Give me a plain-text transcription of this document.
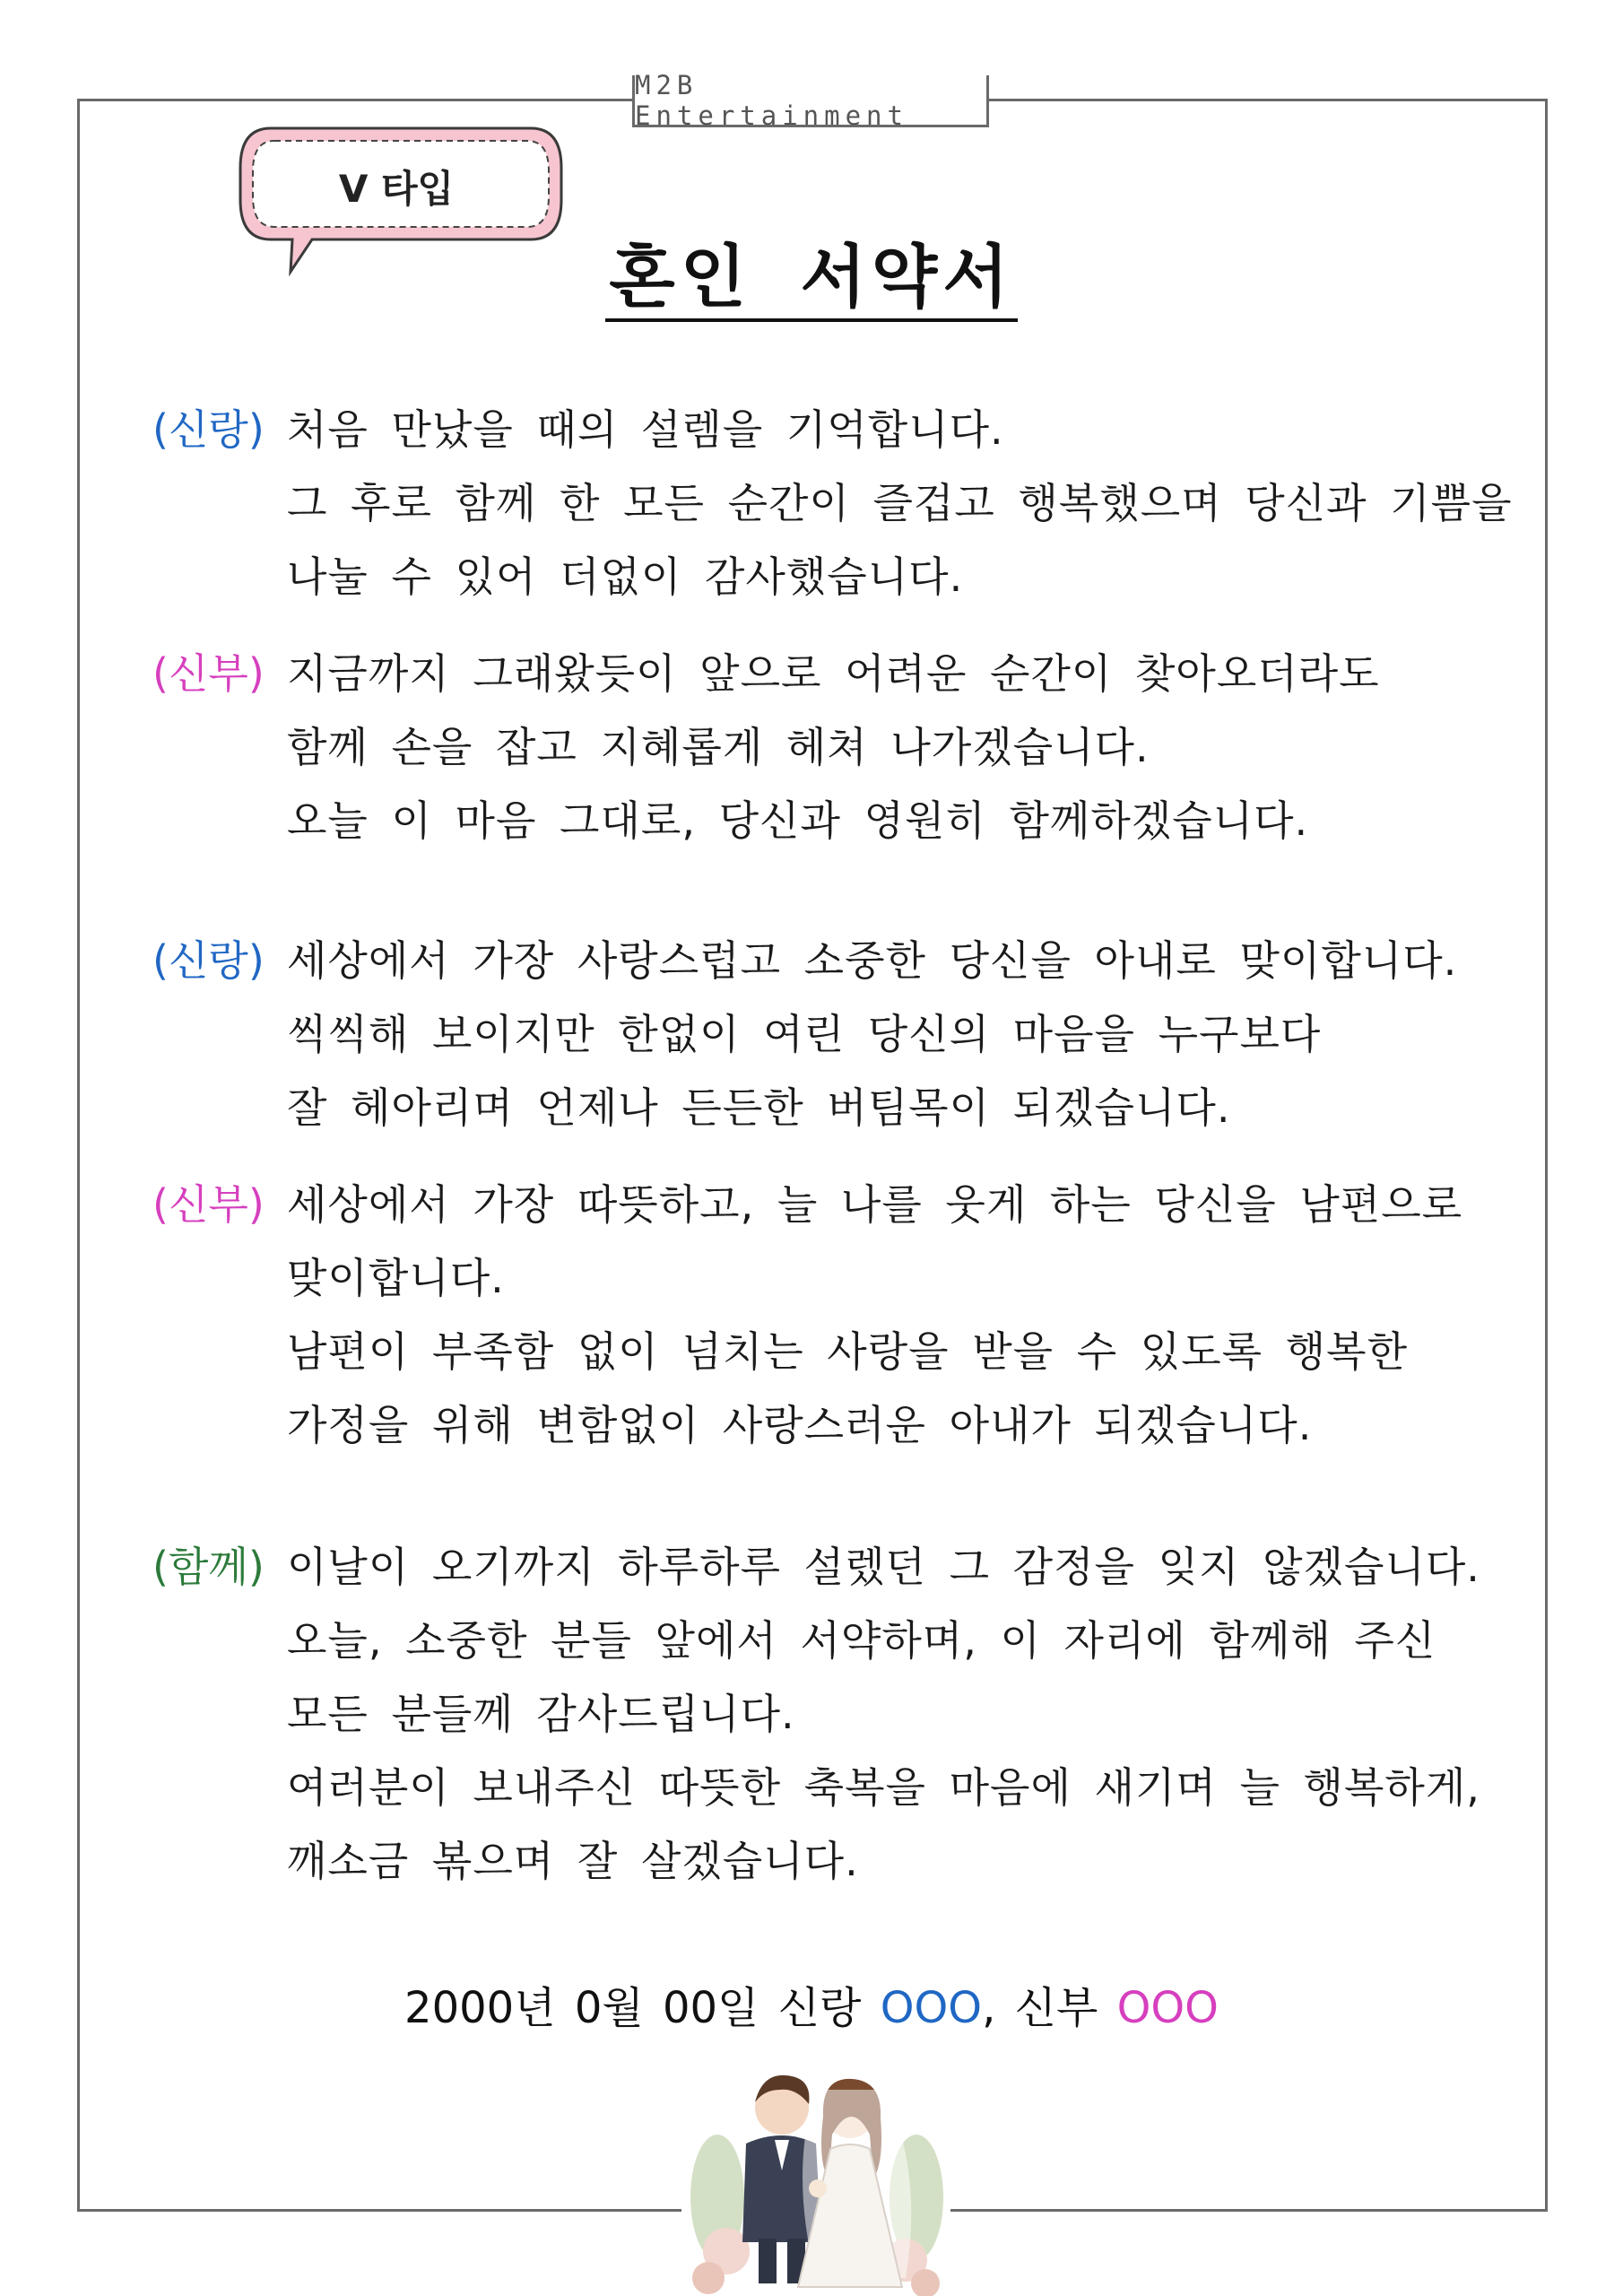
M2B Entertainment
V 타입
혼인 서약서
(신랑) 처음 만났을 때의 설렘을 기억합니다.
그 후로 함께 한 모든 순간이 즐겁고 행복했으며 당신과 기쁨을
나눌 수 있어 더없이 감사했습니다.
(신부) 지금까지 그래왔듯이 앞으로 어려운 순간이 찾아오더라도
함께 손을 잡고 지혜롭게 헤쳐 나가겠습니다.
오늘 이 마음 그대로, 당신과 영원히 함께하겠습니다.
(신랑) 세상에서 가장 사랑스럽고 소중한 당신을 아내로 맞이합니다.
씩씩해 보이지만 한없이 여린 당신의 마음을 누구보다
잘 헤아리며 언제나 든든한 버팀목이 되겠습니다.
(신부) 세상에서 가장 따뜻하고, 늘 나를 웃게 하는 당신을 남편으로
맞이합니다.
남편이 부족함 없이 넘치는 사랑을 받을 수 있도록 행복한
가정을 위해 변함없이 사랑스러운 아내가 되겠습니다.
(함께) 이날이 오기까지 하루하루 설렜던 그 감정을 잊지 않겠습니다.
오늘, 소중한 분들 앞에서 서약하며, 이 자리에 함께해 주신
모든 분들께 감사드립니다.
여러분이 보내주신 따뜻한 축복을 마음에 새기며 늘 행복하게,
깨소금 볶으며 잘 살겠습니다.
2000년 0월 00일 신랑 OOO, 신부 OOO
